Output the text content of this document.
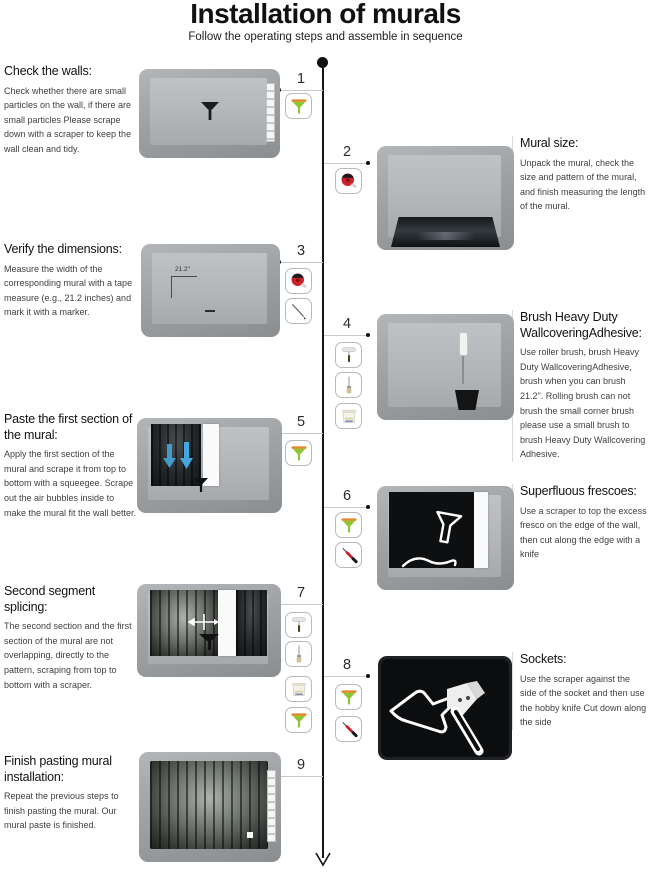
Installation of murals
Follow the operating steps and assemble in sequence
1
2
3
4
5
6
7
8
9
Check the walls:

Check whether there are small particles on the wall, if there are small particles Please scrape down with a scraper to keep the wall clean and tidy.	Mural size:

Unpack the mural, check the size and pattern of the mural, and finish measuring the length of the mural.

Verify the dimensions:

Measure the width of the corresponding mural with a tape measure (e.g., 21.2 inches) and mark it with a marker.	Brush Heavy Duty WallcoveringAdhesive:

Use roller brush, brush Heavy Duty WallcoveringAdhesive, brush when you can brush 21.2". Rolling brush can not brush the small corner brush please use a small brush to brush Heavy Duty Wallcovering Adhesive.

Paste the first section of the mural:

Apply the first section of the mural and scrape it from top to bottom with a squeegee. Scrape out the air bubbles inside to make the mural fit the wall better.

Superfluous frescoes:

Use a scraper to top the excess fresco on the edge of the wall, then cut along the edge with a knife

Second segment splicing:

The second section and the first section of the mural are not overlapping, directly to the pattern, scraping from top to bottom with a scraper.

Sockets:

Use the scraper against the side of the socket and then use the hobby knife Cut down along the side

Finish pasting mural installation:

Repeat the previous steps to finish pasting the mural. Our mural paste is finished.

21.2"
